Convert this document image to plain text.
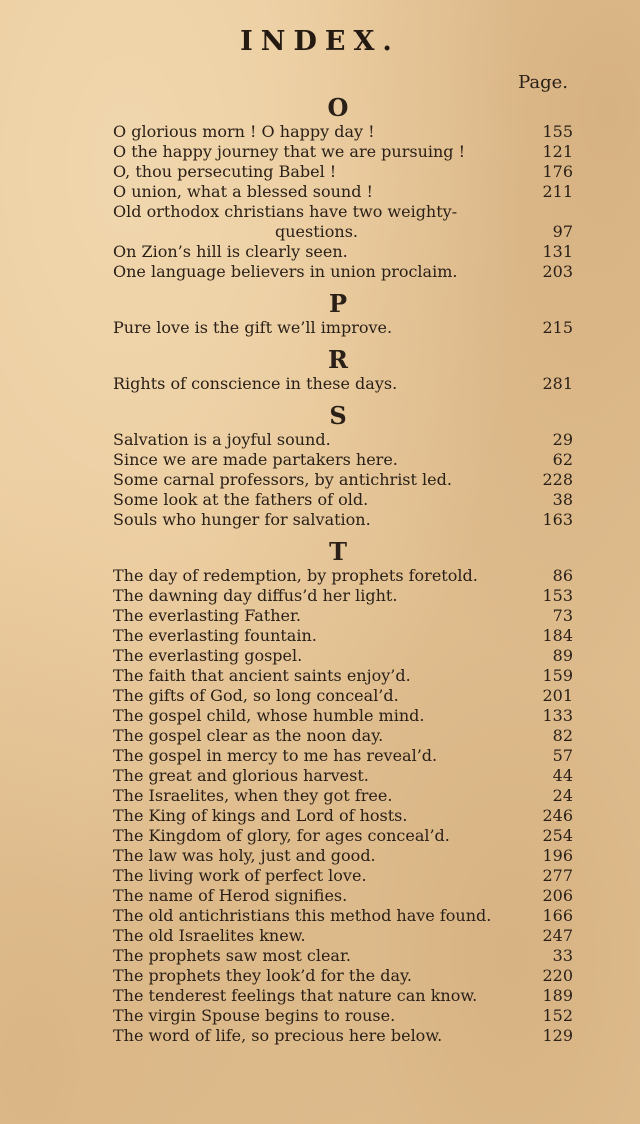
INDEX.
Page.
O
O glorious morn ! O happy day !	155
O the happy journey that we are pursuing !	121
O, thou persecuting Babel !	176
O union, what a blessed sound !	211
Old orthodox christians have two weighty-
questions.	97
On Zion’s hill is clearly seen.	131
One language believers in union proclaim.	203
P
Pure love is the gift we’ll improve.	215
R
Rights of conscience in these days.	281
S
Salvation is a joyful sound.	29
Since we are made partakers here.	62
Some carnal professors, by antichrist led.	228
Some look at the fathers of old.	38
Souls who hunger for salvation.	163
T
The day of redemption, by prophets foretold.	86
The dawning day diffus’d her light.	153
The everlasting Father.	73
The everlasting fountain.	184
The everlasting gospel.	89
The faith that ancient saints enjoy’d.	159
The gifts of God, so long conceal’d.	201
The gospel child, whose humble mind.	133
The gospel clear as the noon day.	82
The gospel in mercy to me has reveal’d.	57
The great and glorious harvest.	44
The Israelites, when they got free.	24
The King of kings and Lord of hosts.	246
The Kingdom of glory, for ages conceal’d.	254
The law was holy, just and good.	196
The living work of perfect love.	277
The name of Herod signifies.	206
The old antichristians this method have found.	166
The old Israelites knew.	247
The prophets saw most clear.	33
The prophets they look’d for the day.	220
The tenderest feelings that nature can know.	189
The virgin Spouse begins to rouse.	152
The word of life, so precious here below.	129
